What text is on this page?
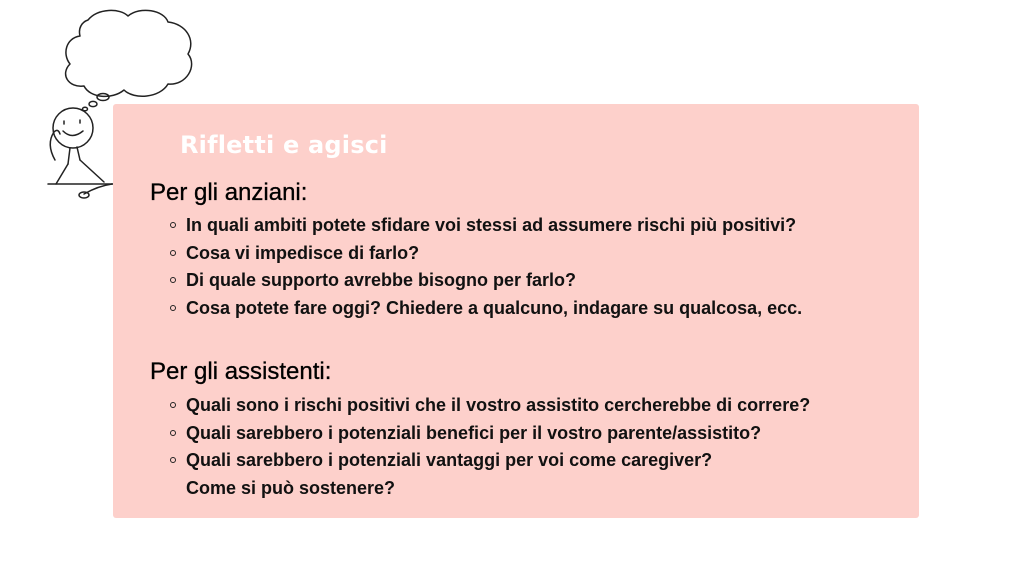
Rifletti e agisci
Per gli anziani:
In quali ambiti potete sfidare voi stessi ad assumere rischi più positivi?
Cosa vi impedisce di farlo?
Di quale supporto avrebbe bisogno per farlo?
Cosa potete fare oggi? Chiedere a qualcuno, indagare su qualcosa, ecc.
Per gli assistenti:
Quali sono i rischi positivi che il vostro assistito cercherebbe di correre?
Quali sarebbero i potenziali benefici per il vostro parente/assistito?
Quali sarebbero i potenziali vantaggi per voi come caregiver?
Come si può sostenere?
